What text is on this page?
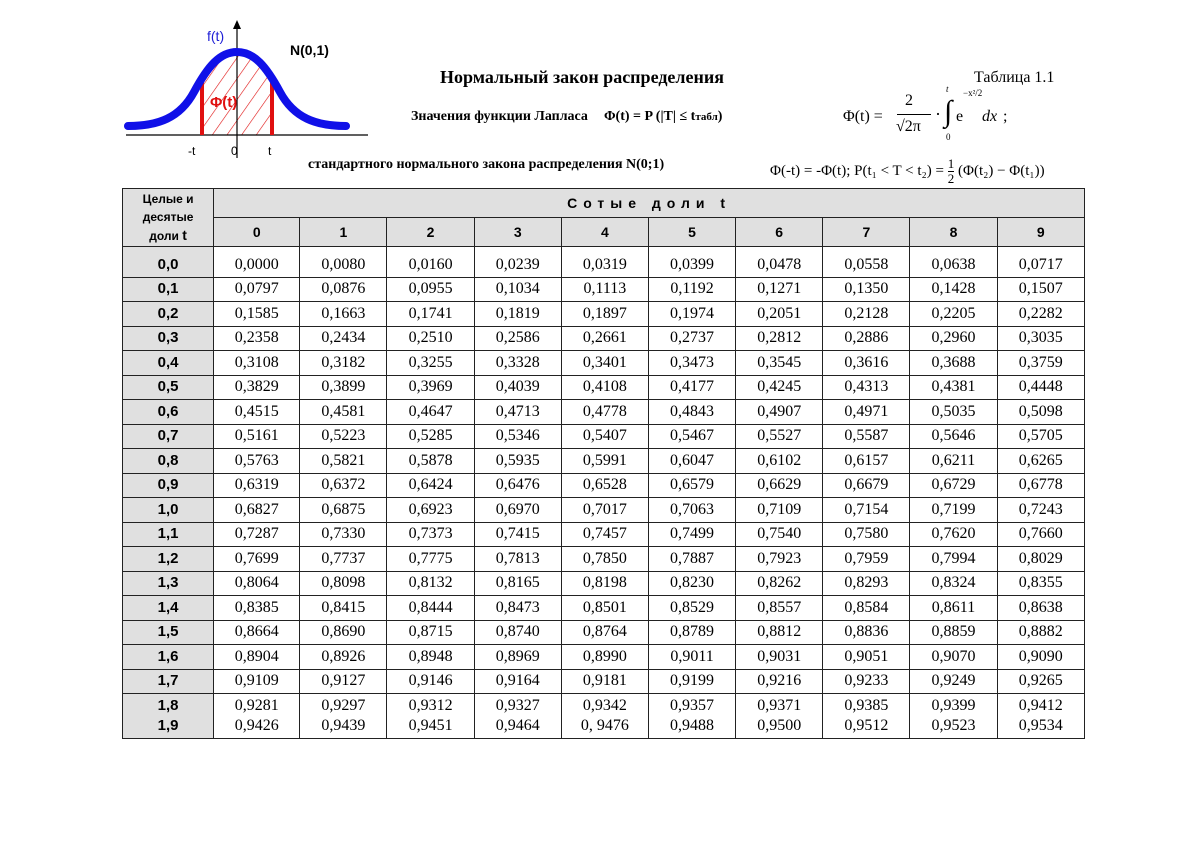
f(t)
N(0,1)
Φ(t)
-t	0	t
Нормальный закон распределения	Таблица 1.1
Значения функции Лапласа Φ(t) = P (|T| ≤ tтабл)
стандартного нормального закона распределения N(0;1)
Φ(t) =
2
√2π
· ∫
t
0
e
−x²/2
dx ;
Φ(-t) = -Φ(t); $P(t_1 < T < t_2) = \frac{1}{2} (\Phi(t_2) - \Phi(t_1))$
Целые и
десятые
доли t	Сотые доли t									
	0	1	2	3	4	5	6	7	8	9

0,0	0,0000	0,0080	0,0160	0,0239	0,0319	0,0399	0,0478	0,0558	0,0638	0,0717
0,1	0,0797	0,0876	0,0955	0,1034	0,1113	0,1192	0,1271	0,1350	0,1428	0,1507
0,2	0,1585	0,1663	0,1741	0,1819	0,1897	0,1974	0,2051	0,2128	0,2205	0,2282
0,3	0,2358	0,2434	0,2510	0,2586	0,2661	0,2737	0,2812	0,2886	0,2960	0,3035
0,4	0,3108	0,3182	0,3255	0,3328	0,3401	0,3473	0,3545	0,3616	0,3688	0,3759
0,5	0,3829	0,3899	0,3969	0,4039	0,4108	0,4177	0,4245	0,4313	0,4381	0,4448
0,6	0,4515	0,4581	0,4647	0,4713	0,4778	0,4843	0,4907	0,4971	0,5035	0,5098
0,7	0,5161	0,5223	0,5285	0,5346	0,5407	0,5467	0,5527	0,5587	0,5646	0,5705
0,8	0,5763	0,5821	0,5878	0,5935	0,5991	0,6047	0,6102	0,6157	0,6211	0,6265
0,9	0,6319	0,6372	0,6424	0,6476	0,6528	0,6579	0,6629	0,6679	0,6729	0,6778
1,0	0,6827	0,6875	0,6923	0,6970	0,7017	0,7063	0,7109	0,7154	0,7199	0,7243
1,1	0,7287	0,7330	0,7373	0,7415	0,7457	0,7499	0,7540	0,7580	0,7620	0,7660
1,2	0,7699	0,7737	0,7775	0,7813	0,7850	0,7887	0,7923	0,7959	0,7994	0,8029
1,3	0,8064	0,8098	0,8132	0,8165	0,8198	0,8230	0,8262	0,8293	0,8324	0,8355
1,4	0,8385	0,8415	0,8444	0,8473	0,8501	0,8529	0,8557	0,8584	0,8611	0,8638
1,5	0,8664	0,8690	0,8715	0,8740	0,8764	0,8789	0,8812	0,8836	0,8859	0,8882
1,6	0,8904	0,8926	0,8948	0,8969	0,8990	0,9011	0,9031	0,9051	0,9070	0,9090
1,7	0,9109	0,9127	0,9146	0,9164	0,9181	0,9199	0,9216	0,9233	0,9249	0,9265
1,8	0,9281	0,9297	0,9312	0,9327	0,9342	0,9357	0,9371	0,9385	0,9399	0,9412
1,9	0,9426	0,9439	0,9451	0,9464	0, 9476	0,9488	0,9500	0,9512	0,9523	0,9534
